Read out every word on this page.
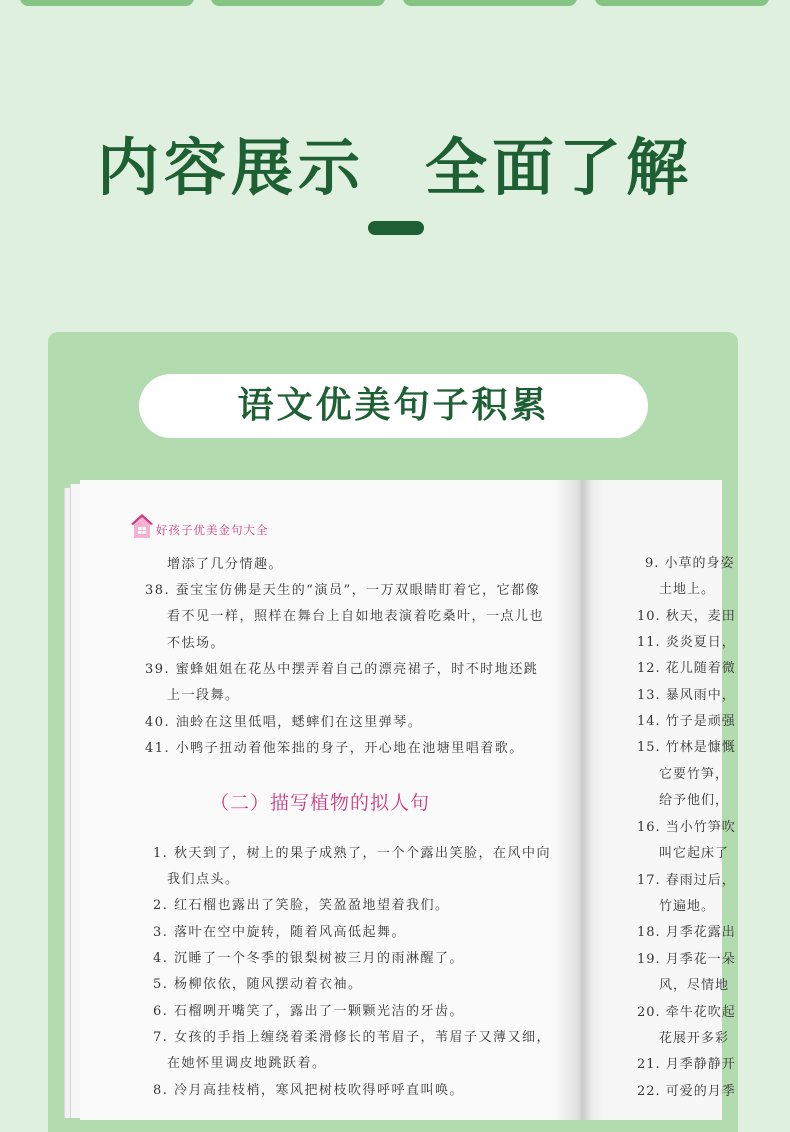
内容展示 全面了解
语文优美句子积累
好孩子优美金句大全
增添了几分情趣。
38. 蚕宝宝仿佛是天生的“演员”，一万双眼睛盯着它，它都像
看不见一样，照样在舞台上自如地表演着吃桑叶，一点儿也
不怯场。
39. 蜜蜂姐姐在花丛中摆弄着自己的漂亮裙子，时不时地还跳
上一段舞。
40. 油蛉在这里低唱，蟋蟀们在这里弹琴。
41. 小鸭子扭动着他笨拙的身子，开心地在池塘里唱着歌。
（二）描写植物的拟人句
1. 秋天到了，树上的果子成熟了，一个个露出笑脸，在风中向
我们点头。
2. 红石榴也露出了笑脸，笑盈盈地望着我们。
3. 落叶在空中旋转，随着风高低起舞。
4. 沉睡了一个冬季的银梨树被三月的雨淋醒了。
5. 杨柳依依，随风摆动着衣袖。
6. 石榴咧开嘴笑了，露出了一颗颗光洁的牙齿。
7. 女孩的手指上缠绕着柔滑修长的苇眉子，苇眉子又薄又细，
在她怀里调皮地跳跃着。
8. 冷月高挂枝梢，寒风把树枝吹得呼呼直叫唤。
9. 小草的身姿
土地上。
10. 秋天，麦田
11. 炎炎夏日，
12. 花儿随着微
13. 暴风雨中，
14. 竹子是顽强
15. 竹林是慷慨
它要竹笋，
给予他们，
16. 当小竹笋吹
叫它起床了
17. 春雨过后，
竹遍地。
18. 月季花露出
19. 月季花一朵
风，尽情地
20. 牵牛花吹起
花展开多彩
21. 月季静静开
22. 可爱的月季
